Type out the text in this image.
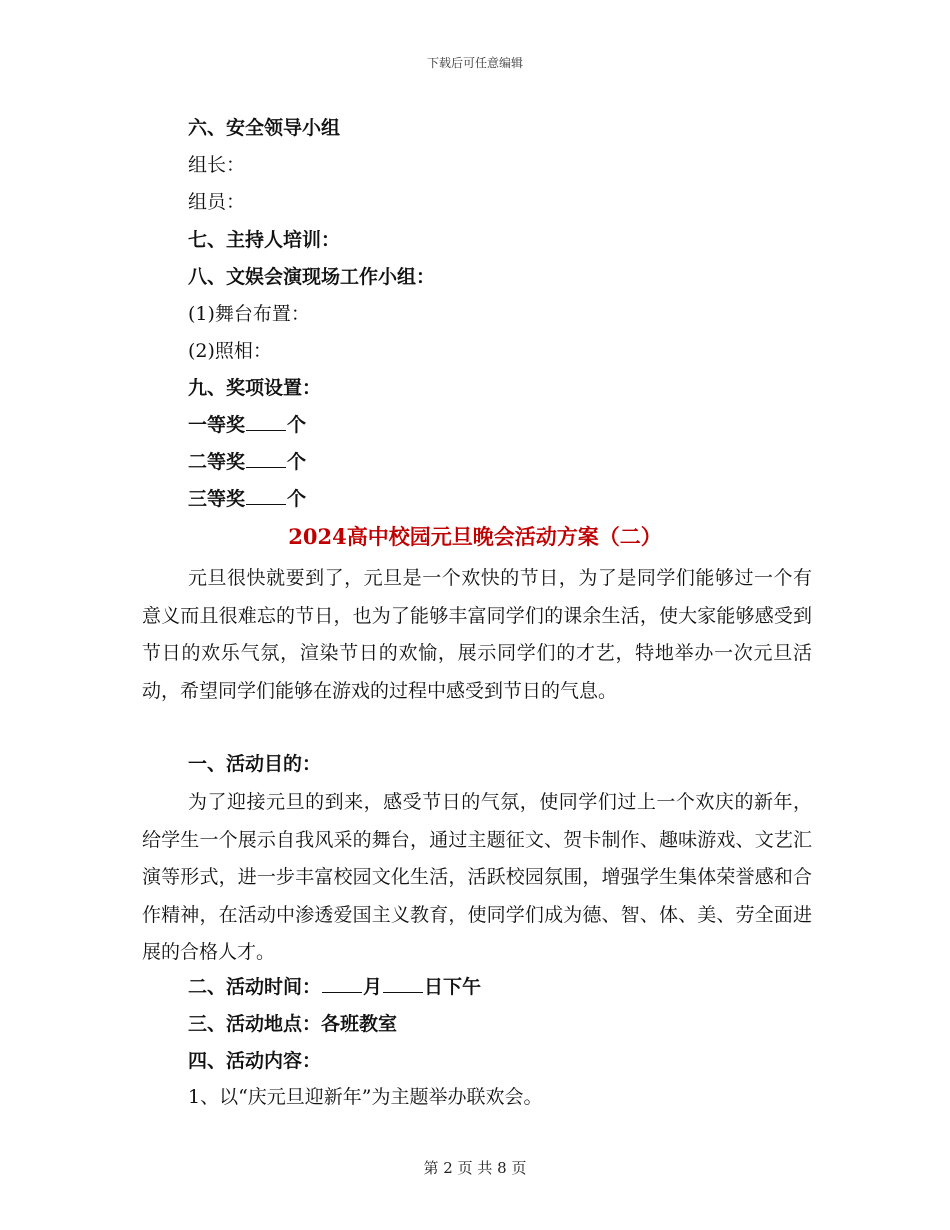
下载后可任意编辑
六、安全领导小组
组长：
组员：
七、主持人培训：
八、文娱会演现场工作小组：
(1)舞台布置：
(2)照相：
九、奖项设置：
一等奖 个
二等奖 个
三等奖 个
2024高中校园元旦晚会活动方案（二）
元旦很快就要到了，元旦是一个欢快的节日，为了是同学们能够过一个有意义而且很难忘的节日，也为了能够丰富同学们的课余生活，使大家能够感受到节日的欢乐气氛，渲染节日的欢愉，展示同学们的才艺，特地举办一次元旦活动，希望同学们能够在游戏的过程中感受到节日的气息。
一、活动目的：
为了迎接元旦的到来，感受节日的气氛，使同学们过上一个欢庆的新年，给学生一个展示自我风采的舞台，通过主题征文、贺卡制作、趣味游戏、文艺汇演等形式，进一步丰富校园文化生活，活跃校园氛围，增强学生集体荣誉感和合作精神，在活动中渗透爱国主义教育，使同学们成为德、智、体、美、劳全面进展的合格人才。
二、活动时间： 月 日下午
三、活动地点：各班教室
四、活动内容：
1、以“庆元旦迎新年”为主题举办联欢会。
第 2 页 共 8 页
